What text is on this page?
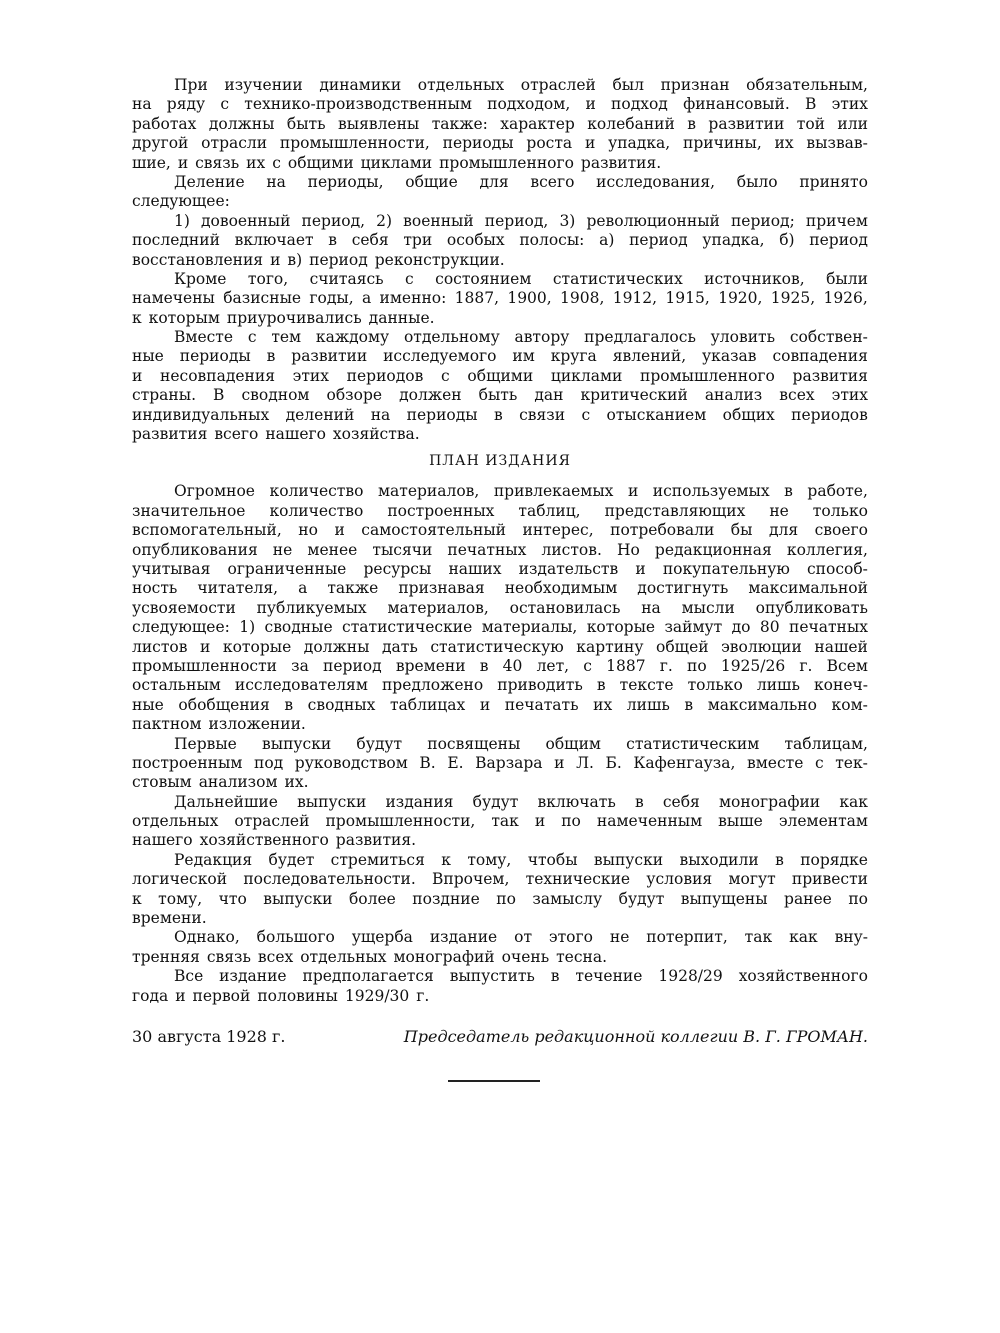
При изучении динамики отдельных отраслей был признан обязательным,
на ряду с технико-производственным подходом, и подход финансовый. В этих
работах должны быть выявлены также: характер колебаний в развитии той или
другой отрасли промышленности, периоды роста и упадка, причины, их вызвав-
шие, и связь их с общими циклами промышленного развития.
Деление на периоды, общие для всего исследования, было принято
следующее:
1) довоенный период, 2) военный период, 3) революционный период; причем
последний включает в себя три особых полосы: а) период упадка, б) период
восстановления и в) период реконструкции.
Кроме того, считаясь с состоянием статистических источников, были
намечены базисные годы, а именно: 1887, 1900, 1908, 1912, 1915, 1920, 1925, 1926,
к которым приурочивались данные.
Вместе с тем каждому отдельному автору предлагалось уловить собствен-
ные периоды в развитии исследуемого им круга явлений, указав совпадения
и несовпадения этих периодов с общими циклами промышленного развития
страны. В сводном обзоре должен быть дан критический анализ всех этих
индивидуальных делений на периоды в связи с отысканием общих периодов
развития всего нашего хозяйства.
ПЛАН ИЗДАНИЯ
Огромное количество материалов, привлекаемых и используемых в работе,
значительное количество построенных таблиц, представляющих не только
вспомогательный, но и самостоятельный интерес, потребовали бы для своего
опубликования не менее тысячи печатных листов. Но редакционная коллегия,
учитывая ограниченные ресурсы наших издательств и покупательную способ-
ность читателя, а также признавая необходимым достигнуть максимальной
усвояемости публикуемых материалов, остановилась на мысли опубликовать
следующее: 1) сводные статистические материалы, которые займут до 80 печатных
листов и которые должны дать статистическую картину общей эволюции нашей
промышленности за период времени в 40 лет, с 1887 г. по 1925/26 г. Всем
остальным исследователям предложено приводить в тексте только лишь конеч-
ные обобщения в сводных таблицах и печатать их лишь в максимально ком-
пактном изложении.
Первые выпуски будут посвящены общим статистическим таблицам,
построенным под руководством В. Е. Варзара и Л. Б. Кафенгауза, вместе с тек-
стовым анализом их.
Дальнейшие выпуски издания будут включать в себя монографии как
отдельных отраслей промышленности, так и по намеченным выше элементам
нашего хозяйственного развития.
Редакция будет стремиться к тому, чтобы выпуски выходили в порядке
логической последовательности. Впрочем, технические условия могут привести
к тому, что выпуски более поздние по замыслу будут выпущены ранее по
времени.
Однако, большого ущерба издание от этого не потерпит, так как вну-
тренняя связь всех отдельных монографий очень тесна.
Все издание предполагается выпустить в течение 1928/29 хозяйственного
года и первой половины 1929/30 г.
30 августа 1928 г.	Председатель редакционной коллегии В. Г. ГРОМАН.
